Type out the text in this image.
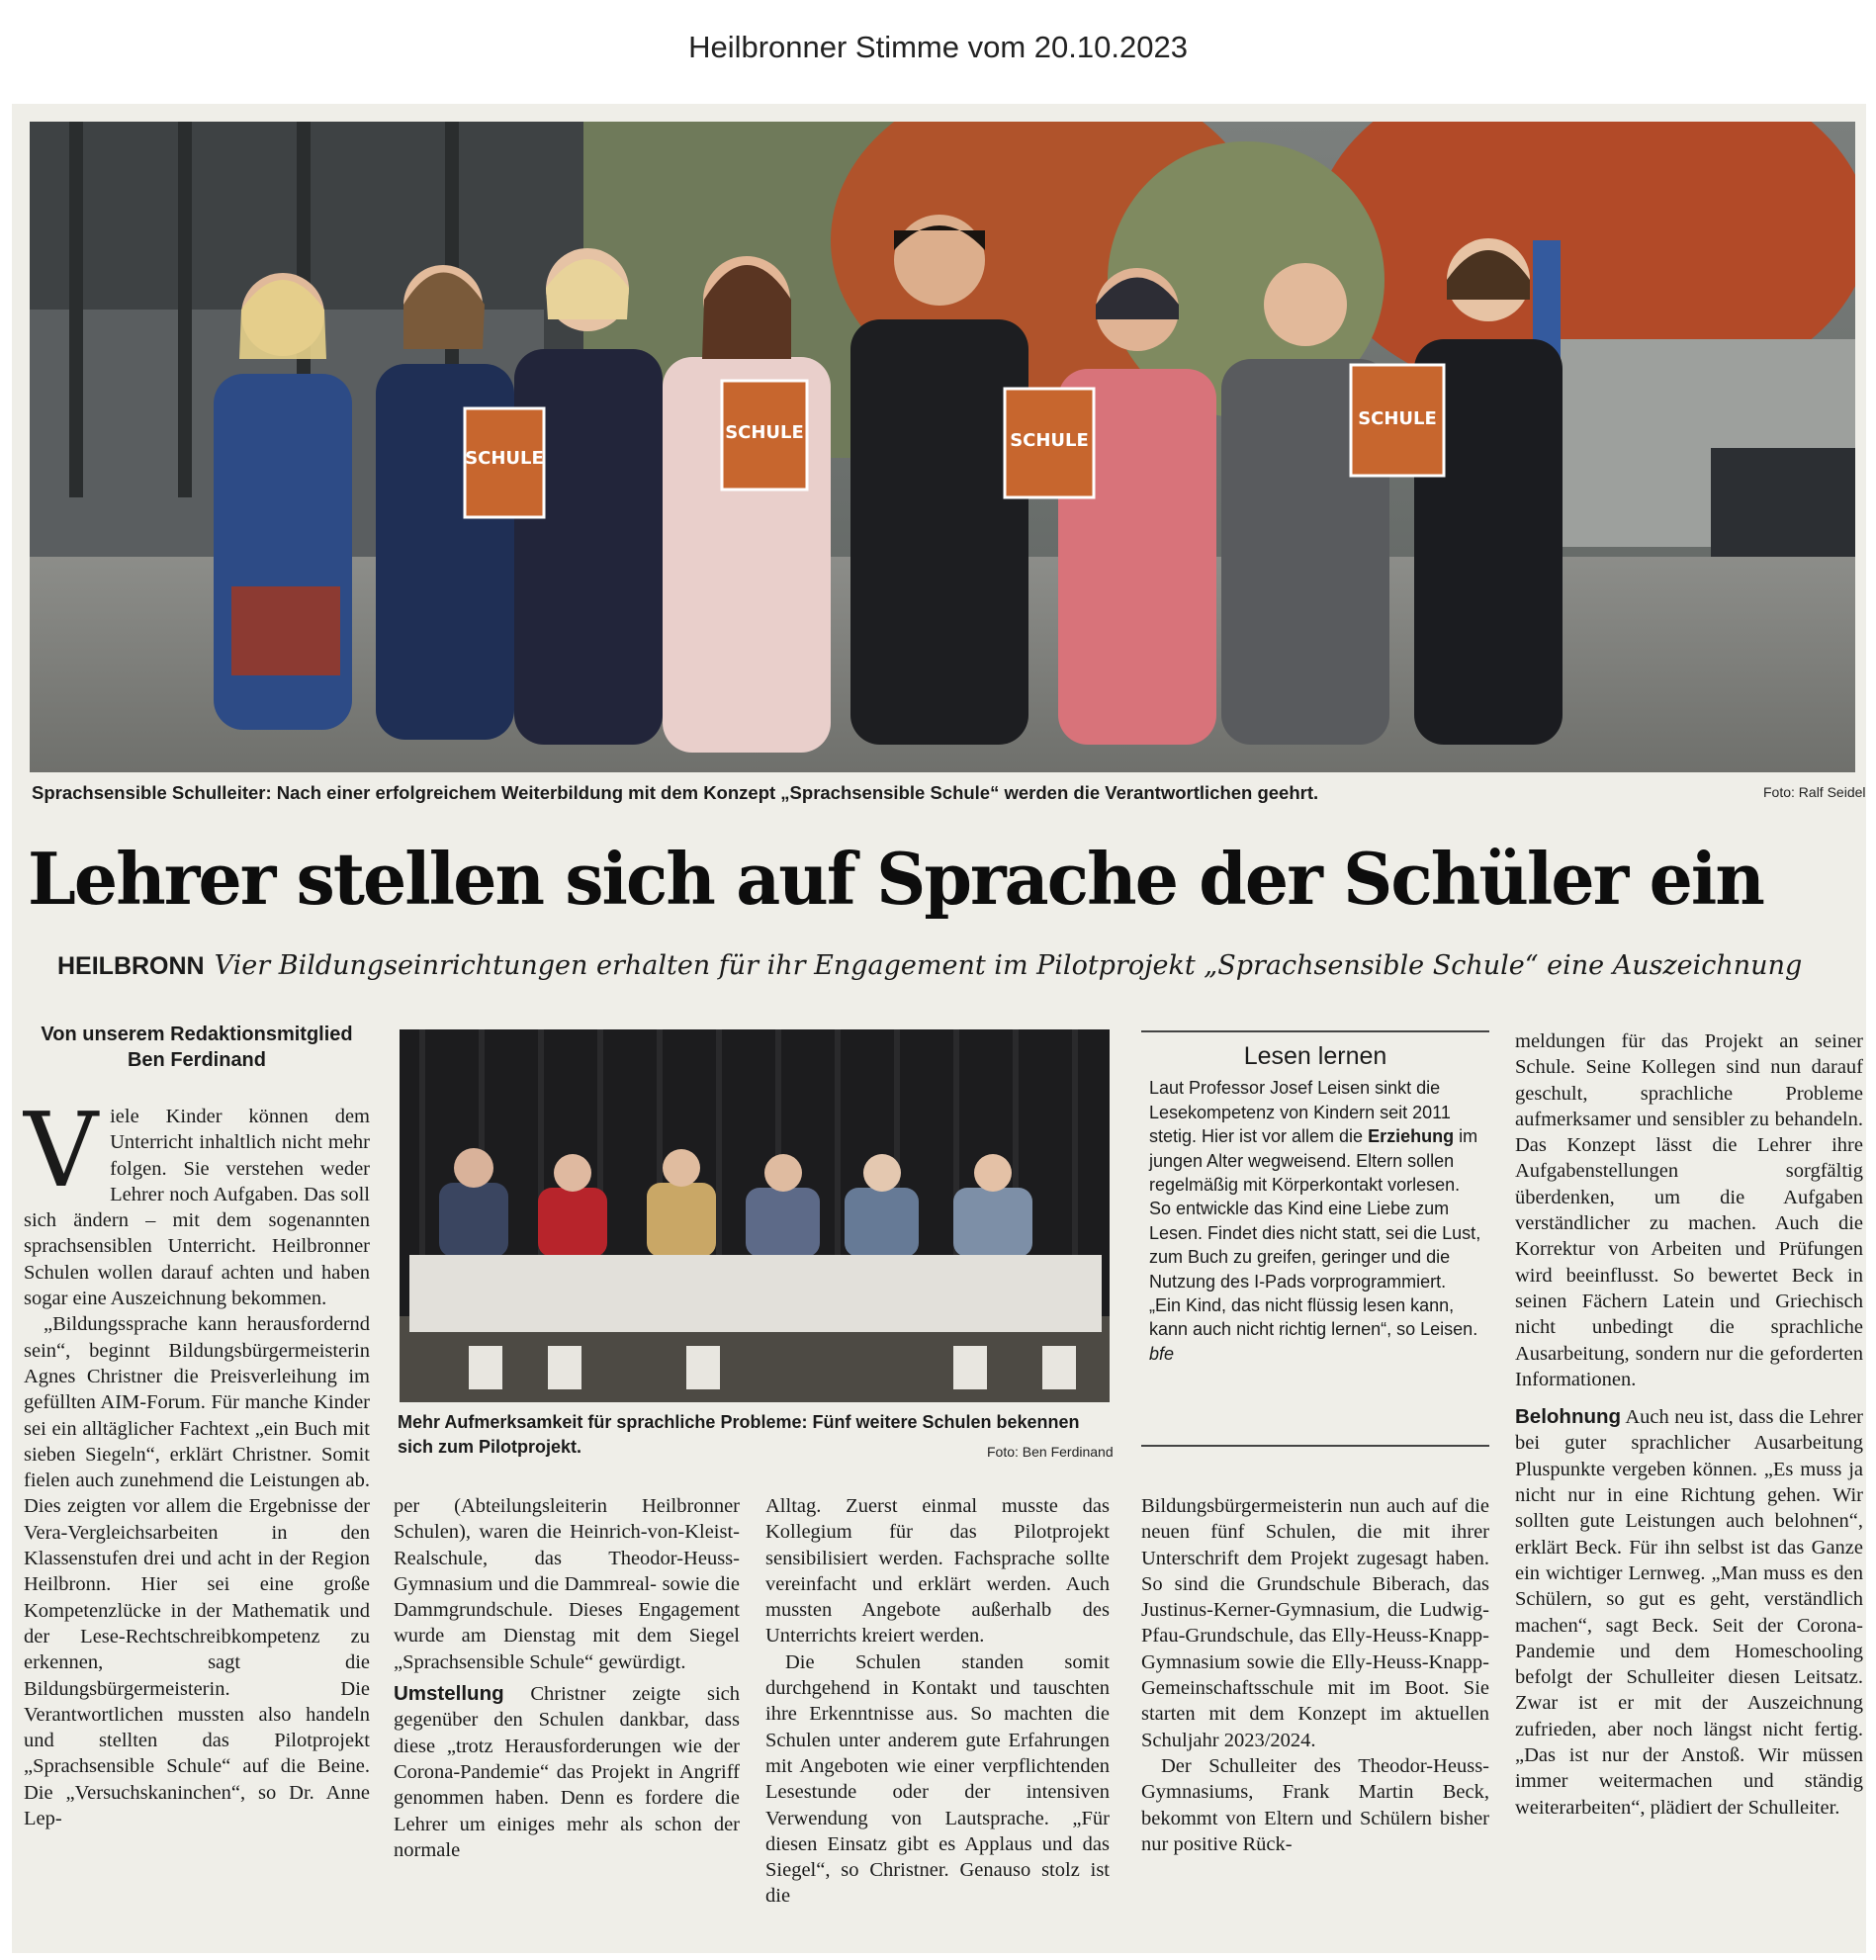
Heilbronner Stimme vom 20.10.2023
SCHULE
SCHULE	SCHULE
SCHULE
Sprachsensible Schulleiter: Nach einer erfolgreichem Weiterbildung mit dem Konzept „Sprachsensible Schule“ werden die Verantwortlichen geehrt.	Foto: Ralf Seidel
Lehrer stellen sich auf Sprache der Schüler ein
HEILBRONN Vier Bildungseinrichtungen erhalten für ihr Engagement im Pilotprojekt „Sprachsensible Schule“ eine Auszeichnung
Von unserem Redaktionsmitglied
Ben Ferdinand

Viele Kinder können dem Unterricht inhaltlich nicht mehr folgen. Sie verstehen weder Lehrer noch Aufgaben. Das soll sich ändern – mit dem sogenannten sprachsensiblen Unterricht. Heilbronner Schulen wollen darauf achten und haben sogar eine Auszeichnung bekommen.

„Bildungssprache kann herausfordernd sein“, beginnt Bildungsbürgermeisterin Agnes Christner die Preisverleihung im gefüllten AIM-Forum. Für manche Kinder sei ein alltäglicher Fachtext „ein Buch mit sieben Siegeln“, erklärt Christner. Somit fielen auch zunehmend die Leistungen ab. Dies zeigten vor allem die Ergebnisse der Vera-Vergleichsarbeiten in den Klassenstufen drei und acht in der Region Heilbronn. Hier sei eine große Kompetenzlücke in der Mathematik und der Lese-Rechtschreibkompetenz zu erkennen, sagt die Bildungsbürgermeisterin. Die Verantwortlichen mussten also handeln und stellten das Pilotprojekt „Sprachsensible Schule“ auf die Beine. Die „Versuchskaninchen“, so Dr. Anne Lep-

Mehr Aufmerksamkeit für sprachliche Probleme: Fünf weitere Schulen bekennen sich zum Pilotprojekt.	Foto: Ben Ferdinand
Lesen lernen

Laut Professor Josef Leisen sinkt die Lesekompetenz von Kindern seit 2011 stetig. Hier ist vor allem die Erziehung im jungen Alter wegweisend. Eltern sollen regelmäßig mit Körperkontakt vorlesen. So entwickle das Kind eine Liebe zum Lesen. Findet dies nicht statt, sei die Lust, zum Buch zu greifen, geringer und die Nutzung des I-Pads vorprogrammiert. „Ein Kind, das nicht flüssig lesen kann, kann auch nicht richtig lernen“, so Leisen. bfe

per (Abteilungsleiterin Heilbronner Schulen), waren die Heinrich-von-Kleist-Realschule, das Theodor-Heuss-Gymnasium und die Dammreal- sowie die Dammgrundschule. Dieses Engagement wurde am Dienstag mit dem Siegel „Sprachsensible Schule“ gewürdigt.

Umstellung Christner zeigte sich gegenüber den Schulen dankbar, dass diese „trotz Herausforderungen wie der Corona-Pandemie“ das Projekt in Angriff genommen haben. Denn es fordere die Lehrer um einiges mehr als schon der normale

Alltag. Zuerst einmal musste das Kollegium für das Pilotprojekt sensibilisiert werden. Fachsprache sollte vereinfacht und erklärt werden. Auch mussten Angebote außerhalb des Unterrichts kreiert werden.

Die Schulen standen somit durchgehend in Kontakt und tauschten ihre Erkenntnisse aus. So machten die Schulen unter anderem gute Erfahrungen mit Angeboten wie einer verpflichtenden Lesestunde oder der intensiven Verwendung von Lautsprache. „Für diesen Einsatz gibt es Applaus und das Siegel“, so Christner. Genauso stolz ist die

Bildungsbürgermeisterin nun auch auf die neuen fünf Schulen, die mit ihrer Unterschrift dem Projekt zugesagt haben. So sind die Grundschule Biberach, das Justinus-Kerner-Gymnasium, die Ludwig-Pfau-Grundschule, das Elly-Heuss-Knapp-Gymnasium sowie die Elly-Heuss-Knapp-Gemeinschaftsschule mit im Boot. Sie starten mit dem Konzept im aktuellen Schuljahr 2023/2024.

Der Schulleiter des Theodor-Heuss-Gymnasiums, Frank Martin Beck, bekommt von Eltern und Schülern bisher nur positive Rück-

meldungen für das Projekt an seiner Schule. Seine Kollegen sind nun darauf geschult, sprachliche Probleme aufmerksamer und sensibler zu behandeln. Das Konzept lässt die Lehrer ihre Aufgabenstellungen sorgfältig überdenken, um die Aufgaben verständlicher zu machen. Auch die Korrektur von Arbeiten und Prüfungen wird beeinflusst. So bewertet Beck in seinen Fächern Latein und Griechisch nicht unbedingt die sprachliche Ausarbeitung, sondern nur die geforderten Informationen.

Belohnung Auch neu ist, dass die Lehrer bei guter sprachlicher Ausarbeitung Pluspunkte vergeben können. „Es muss ja nicht nur in eine Richtung gehen. Wir sollten gute Leistungen auch belohnen“, erklärt Beck. Für ihn selbst ist das Ganze ein wichtiger Lernweg. „Man muss es den Schülern, so gut es geht, verständlich machen“, sagt Beck. Seit der Corona-Pandemie und dem Homeschooling befolgt der Schulleiter diesen Leitsatz. Zwar ist er mit der Auszeichnung zufrieden, aber noch längst nicht fertig. „Das ist nur der Anstoß. Wir müssen immer weitermachen und ständig weiterarbeiten“, plädiert der Schulleiter.
